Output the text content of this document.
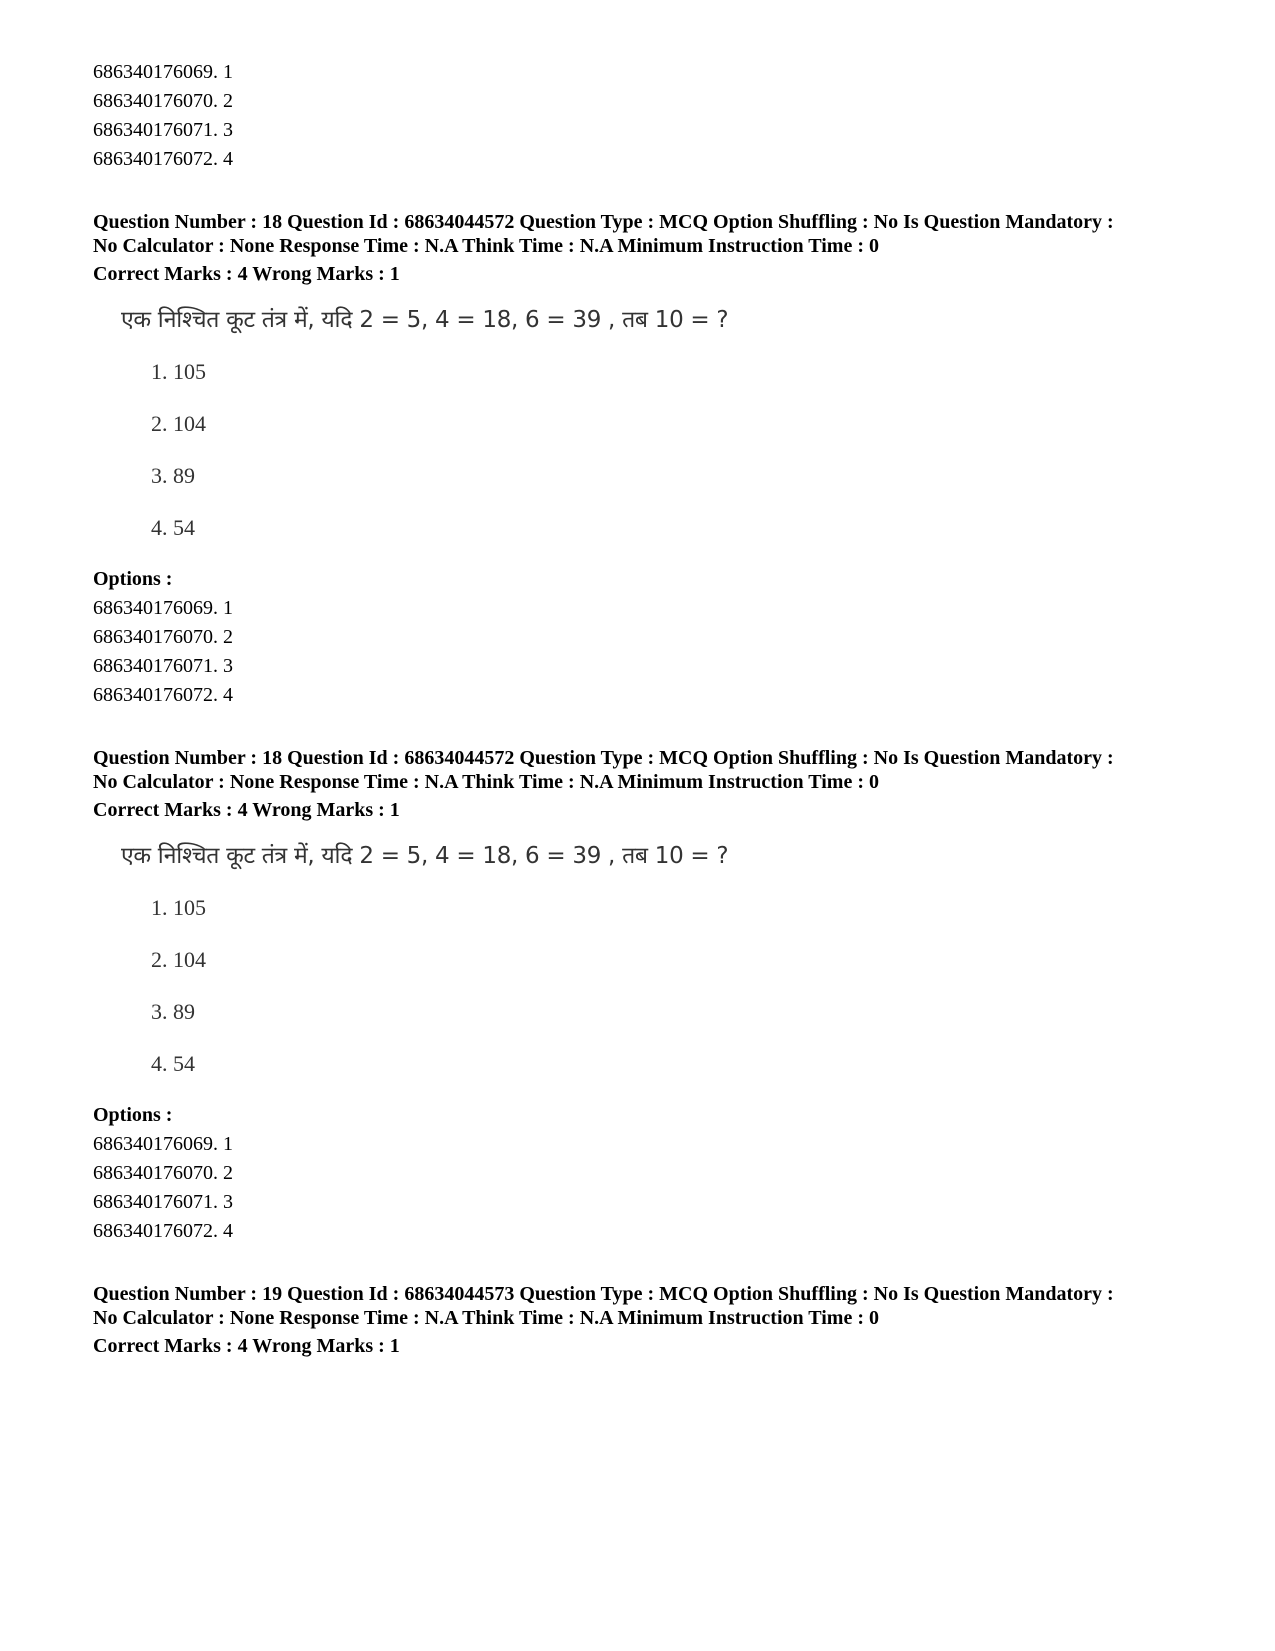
686340176069. 1
686340176070. 2
686340176071. 3
686340176072. 4
Question Number : 18 Question Id : 68634044572 Question Type : MCQ Option Shuffling : No Is Question Mandatory :
No Calculator : None Response Time : N.A Think Time : N.A Minimum Instruction Time : 0
Correct Marks : 4 Wrong Marks : 1
एक निश्चित कूट तंत्र में, यदि 2 = 5, 4 = 18, 6 = 39 , तब 10 = ?
1. 105
2. 104
3. 89
4. 54
Options :
686340176069. 1
686340176070. 2
686340176071. 3
686340176072. 4
Question Number : 18 Question Id : 68634044572 Question Type : MCQ Option Shuffling : No Is Question Mandatory :
No Calculator : None Response Time : N.A Think Time : N.A Minimum Instruction Time : 0
Correct Marks : 4 Wrong Marks : 1
एक निश्चित कूट तंत्र में, यदि 2 = 5, 4 = 18, 6 = 39 , तब 10 = ?
1. 105
2. 104
3. 89
4. 54
Options :
686340176069. 1
686340176070. 2
686340176071. 3
686340176072. 4
Question Number : 19 Question Id : 68634044573 Question Type : MCQ Option Shuffling : No Is Question Mandatory :
No Calculator : None Response Time : N.A Think Time : N.A Minimum Instruction Time : 0
Correct Marks : 4 Wrong Marks : 1
